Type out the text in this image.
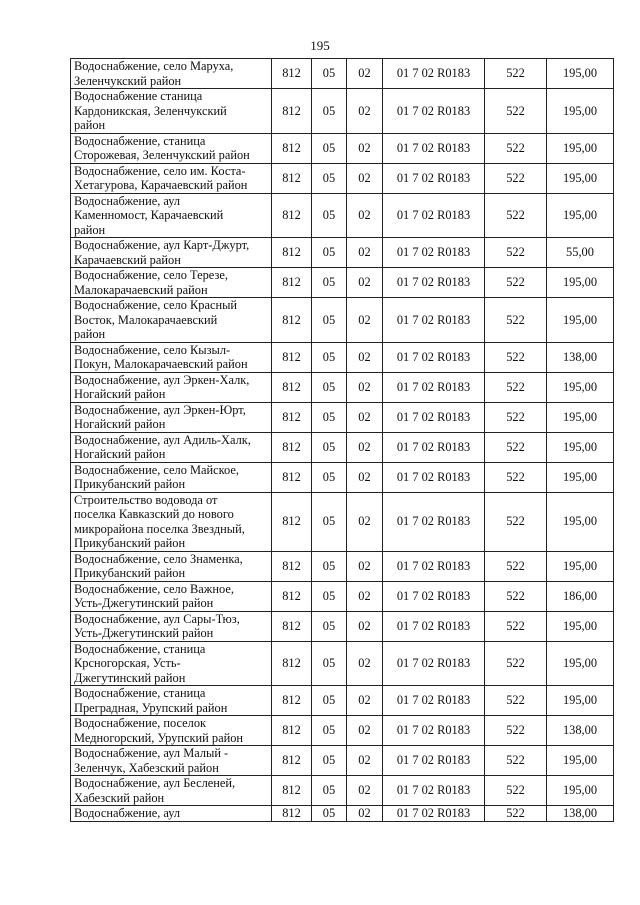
195
Водоснабжение, село Маруха,
Зеленчукский район	812	05	02	01 7 02 R0183	522	195,00
Водоснабжение станица
Кардоникская, Зеленчукский
район	812	05	02	01 7 02 R0183	522	195,00
Водоснабжение, станица
Сторожевая, Зеленчукский район	812	05	02	01 7 02 R0183	522	195,00
Водоснабжение, село им. Коста-
Хетагурова, Карачаевский район	812	05	02	01 7 02 R0183	522	195,00
Водоснабжение, аул
Каменномост, Карачаевский
район	812	05	02	01 7 02 R0183	522	195,00
Водоснабжение, аул Карт-Джурт,
Карачаевский район	812	05	02	01 7 02 R0183	522	55,00
Водоснабжение, село Терезе,
Малокарачаевский район	812	05	02	01 7 02 R0183	522	195,00
Водоснабжение, село Красный
Восток, Малокарачаевский
район	812	05	02	01 7 02 R0183	522	195,00
Водоснабжение, село Кызыл-
Покун, Малокарачаевский район	812	05	02	01 7 02 R0183	522	138,00
Водоснабжение, аул Эркен-Халк,
Ногайский район	812	05	02	01 7 02 R0183	522	195,00
Водоснабжение, аул Эркен-Юрт,
Ногайский район	812	05	02	01 7 02 R0183	522	195,00
Водоснабжение, аул Адиль-Халк,
Ногайский район	812	05	02	01 7 02 R0183	522	195,00
Водоснабжение, село Майское,
Прикубанский район	812	05	02	01 7 02 R0183	522	195,00
Строительство водовода от
поселка Кавказский до нового
микрорайона поселка Звездный,
Прикубанский район	812	05	02	01 7 02 R0183	522	195,00
Водоснабжение, село Знаменка,
Прикубанский район	812	05	02	01 7 02 R0183	522	195,00
Водоснабжение, село Важное,
Усть-Джегутинский район	812	05	02	01 7 02 R0183	522	186,00
Водоснабжение, аул Сары-Тюз,
Усть-Джегутинский район	812	05	02	01 7 02 R0183	522	195,00
Водоснабжение, станица
Крсногорская, Усть-
Джегутинский район	812	05	02	01 7 02 R0183	522	195,00
Водоснабжение, станица
Преградная, Урупский район	812	05	02	01 7 02 R0183	522	195,00
Водоснабжение, поселок
Медногорский, Урупский район	812	05	02	01 7 02 R0183	522	138,00
Водоснабжение, аул Малый -
Зеленчук, Хабезский район	812	05	02	01 7 02 R0183	522	195,00
Водоснабжение, аул Бесленей,
Хабезский район	812	05	02	01 7 02 R0183	522	195,00
Водоснабжение, аул	812	05	02	01 7 02 R0183	522	138,00
